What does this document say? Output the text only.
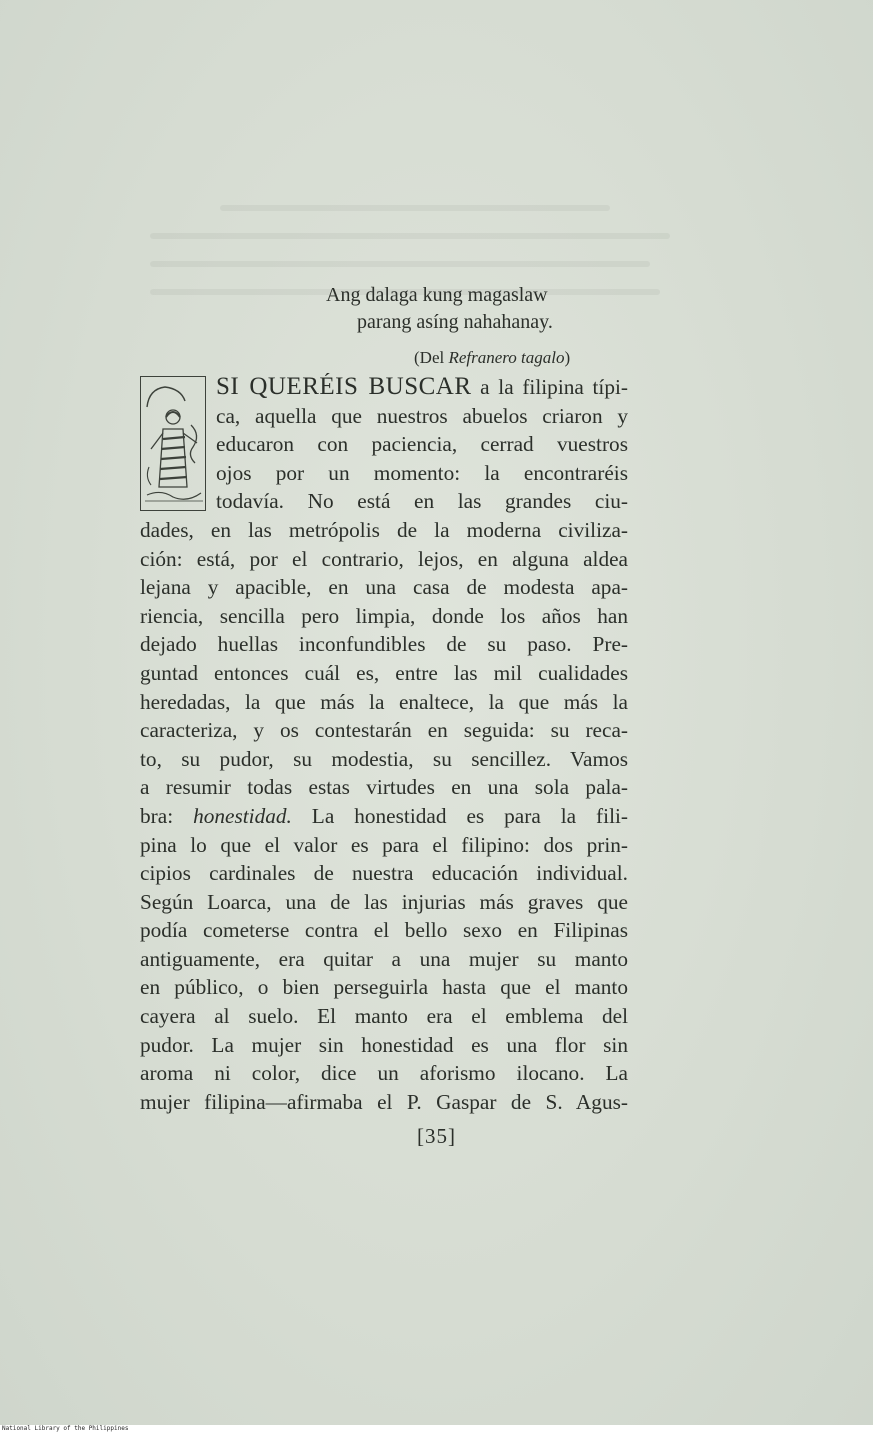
Ang dalaga kung magaslaw
parang asíng nahahanay.
(Del Refranero tagalo)
SI QUERÉIS BUSCAR a la filipina típi-
ca, aquella que nuestros abuelos criaron y
educaron con paciencia, cerrad vuestros
ojos por un momento: la encontraréis
todavía. No está en las grandes ciu-
dades, en las metrópolis de la moderna civiliza-
ción: está, por el contrario, lejos, en alguna aldea
lejana y apacible, en una casa de modesta apa-
riencia, sencilla pero limpia, donde los años han
dejado huellas inconfundibles de su paso. Pre-
guntad entonces cuál es, entre las mil cualidades
heredadas, la que más la enaltece, la que más la
caracteriza, y os contestarán en seguida: su reca-
to, su pudor, su modestia, su sencillez. Vamos
a resumir todas estas virtudes en una sola pala-
bra: honestidad. La honestidad es para la fili-
pina lo que el valor es para el filipino: dos prin-
cipios cardinales de nuestra educación individual.
Según Loarca, una de las injurias más graves que
podía cometerse contra el bello sexo en Filipinas
antiguamente, era quitar a una mujer su manto
en público, o bien perseguirla hasta que el manto
cayera al suelo. El manto era el emblema del
pudor. La mujer sin honestidad es una flor sin
aroma ni color, dice un aforismo ilocano. La
mujer filipina—afirmaba el P. Gaspar de S. Agus-
[35]
National Library of the Philippines
